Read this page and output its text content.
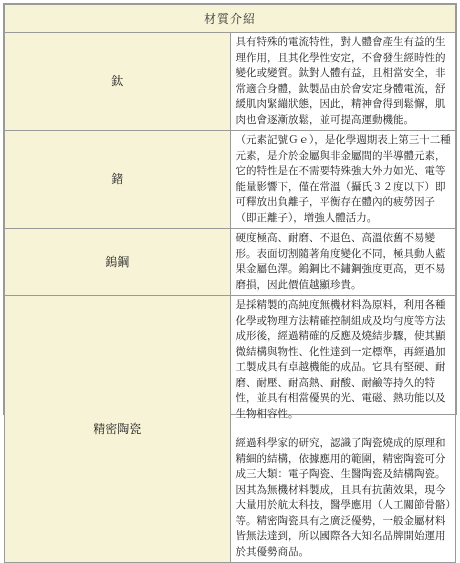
材質介紹	
鈦	具有特殊的電流特性，對人體會產生有益的生理作用，且其化學性安定，不會發生經時性的變化或變質。鈦對人體有益，且相當安全，非常適合身體，鈦製品由於會安定身體電流，舒緩肌肉緊繃狀態，因此，精神會得到鬆懈，肌肉也會逐漸放鬆，並可提高運動機能。

鍺	（元素記號Ｇｅ），是化學週期表上第三十二種元素，是介於金屬與非金屬間的半導體元素，它的特性是在不需要特殊強大外力如光、電等能量影響下，僅在常溫（攝氏３２度以下）即可釋放出負離子，平衡存在體內的疲勞因子（即正離子），增強人體活力。

鎢鋼	硬度極高、耐磨、不退色、高溫依舊不易變形。表面切割隨著角度變化不同，極具動人藍果金屬色澤。鎢鋼比不鏽鋼強度更高，更不易磨損，因此價值越顯珍貴。

精密陶瓷	是採精製的高純度無機材料為原料，利用各種化學或物理方法精確控制組成及均勻度等方法成形後，經過精確的反應及燒結步驟，使其顯微結構與物性、化性達到一定標準，再經過加工製成具有卓越機能的成品。它具有堅硬、耐磨、耐壓、耐高熱、耐酸、耐鹼等持久的特性，並具有相當優異的光、電磁、熱功能以及生物相容性。

經過科學家的研究，認識了陶瓷燒成的原理和精細的結構，依據應用的範圍，精密陶瓷可分成三大類：電子陶瓷、生醫陶瓷及結構陶瓷。因其為無機材料製成，且具有抗菌效果，現今大量用於航太科技，醫學應用（人工關節骨骼）等。精密陶瓷具有之廣泛優勢，一般金屬材料皆無法達到，所以國際各大知名品牌開始運用於其優勢商品。
